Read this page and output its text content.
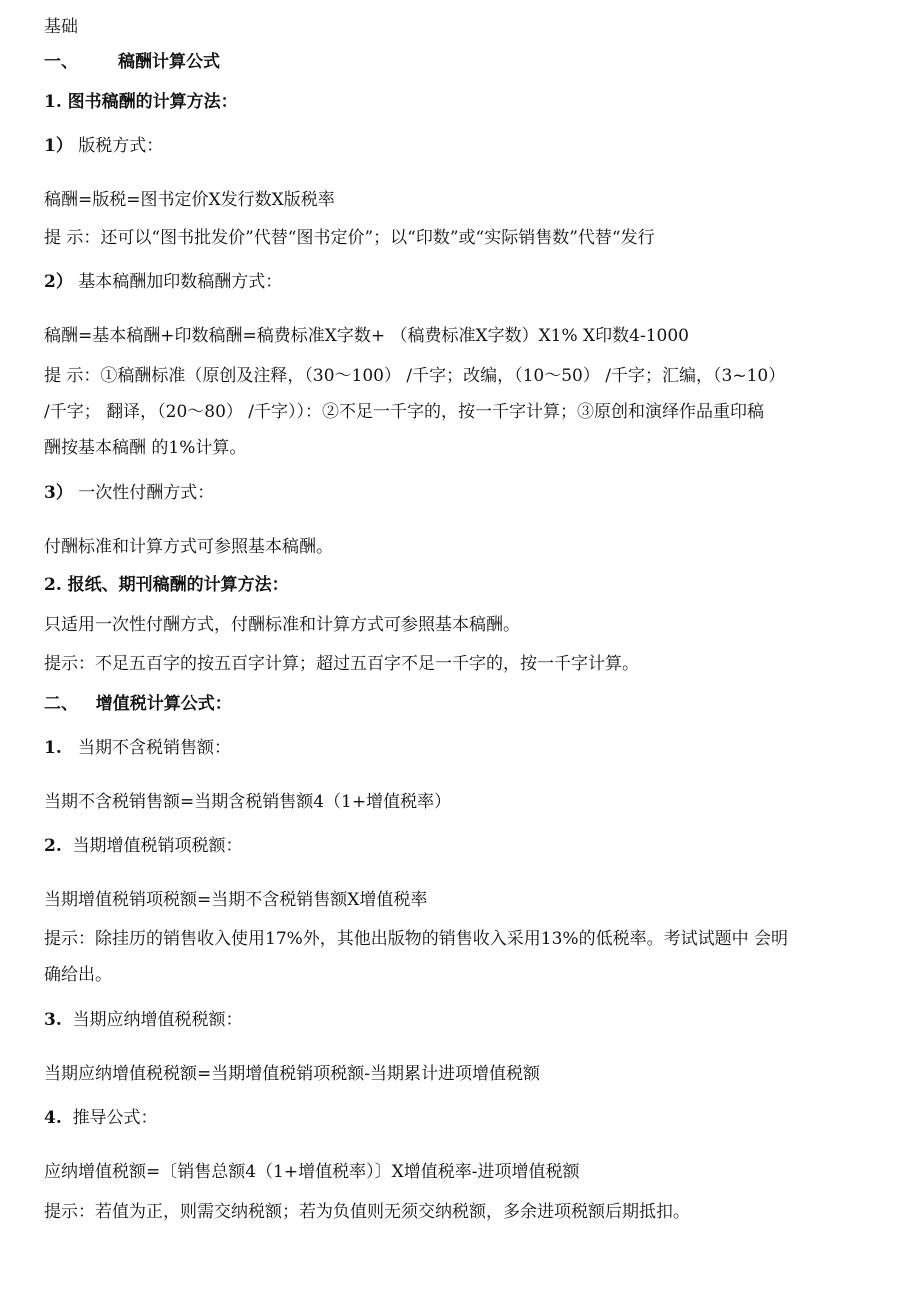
基础
一、 稿酬计算公式
1. 图书稿酬的计算方法：
1） 版税方式：
稿酬=版税=图书定价X发行数X版税率
提 示：还可以“图书批发价”代替“图书定价”；以“印数”或“实际销售数”代替“发行
2） 基本稿酬加印数稿酬方式：
稿酬=基本稿酬+印数稿酬=稿费标准X字数+ （稿费标准X字数）X1% X印数4-1000
提 示：①稿酬标准（原创及注释，（30〜100） /千字；改编，（10〜50） /千字；汇编，（3~10）
/千字； 翻译，（20〜80） /千字））：②不足一千字的，按一千字计算；③原创和演绎作品重印稿
酬按基本稿酬 的1%计算。
3） 一次性付酬方式：
付酬标准和计算方式可参照基本稿酬。
2. 报纸、期刊稿酬的计算方法：
只适用一次性付酬方式，付酬标准和计算方式可参照基本稿酬。
提示：不足五百字的按五百字计算；超过五百字不足一千字的，按一千字计算。
二、 增值税计算公式：
1. 当期不含税销售额：
当期不含税销售额=当期含税销售额4（1+增值税率）
2. 当期增值税销项税额：
当期增值税销项税额=当期不含税销售额X增值税率
提示：除挂历的销售收入使用17%外，其他出版物的销售收入采用13%的低税率。考试试题中 会明
确给出。
3. 当期应纳增值税税额：
当期应纳增值税税额=当期增值税销项税额-当期累计进项增值税额
4. 推导公式：
应纳增值税额=〔销售总额4（1+增值税率）〕X增值税率-进项增值税额
提示：若值为正，则需交纳税额；若为负值则无须交纳税额，多余进项税额后期抵扣。
